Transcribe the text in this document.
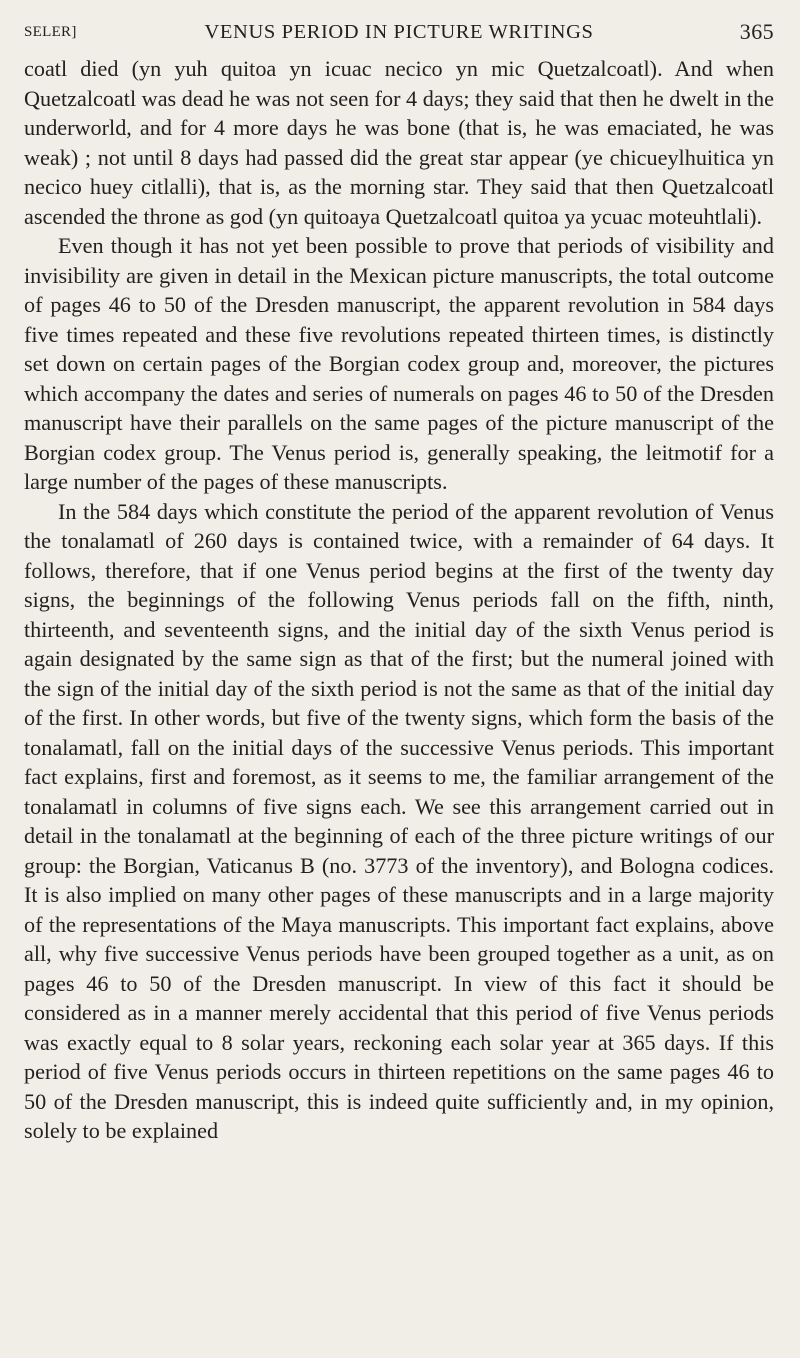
SELER]	VENUS PERIOD IN PICTURE WRITINGS	365

coatl died (yn yuh quitoa yn icuac necico yn mic Quetzalcoatl). And when Quetzalcoatl was dead he was not seen for 4 days; they said that then he dwelt in the underworld, and for 4 more days he was bone (that is, he was emaciated, he was weak) ; not until 8 days had passed did the great star appear (ye chicueylhuitica yn necico huey citlalli), that is, as the morning star. They said that then Quetzalcoatl ascended the throne as god (yn quitoaya Quetzalcoatl quitoa ya ycuac moteuhtlali).

Even though it has not yet been possible to prove that periods of visibility and invisibility are given in detail in the Mexican picture manuscripts, the total outcome of pages 46 to 50 of the Dresden manuscript, the apparent revolution in 584 days five times repeated and these five revolutions repeated thirteen times, is distinctly set down on certain pages of the Borgian codex group and, moreover, the pictures which accompany the dates and series of numerals on pages 46 to 50 of the Dresden manuscript have their parallels on the same pages of the picture manuscript of the Borgian codex group. The Venus period is, generally speaking, the leitmotif for a large number of the pages of these manuscripts.

In the 584 days which constitute the period of the apparent revolution of Venus the tonalamatl of 260 days is contained twice, with a remainder of 64 days. It follows, therefore, that if one Venus period begins at the first of the twenty day signs, the beginnings of the following Venus periods fall on the fifth, ninth, thirteenth, and seventeenth signs, and the initial day of the sixth Venus period is again designated by the same sign as that of the first; but the numeral joined with the sign of the initial day of the sixth period is not the same as that of the initial day of the first. In other words, but five of the twenty signs, which form the basis of the tonalamatl, fall on the initial days of the successive Venus periods. This important fact explains, first and foremost, as it seems to me, the familiar arrangement of the tonalamatl in columns of five signs each. We see this arrangement carried out in detail in the tonalamatl at the beginning of each of the three picture writings of our group: the Borgian, Vaticanus B (no. 3773 of the inventory), and Bologna codices. It is also implied on many other pages of these manuscripts and in a large majority of the representations of the Maya manuscripts. This important fact explains, above all, why five successive Venus periods have been grouped together as a unit, as on pages 46 to 50 of the Dresden manuscript. In view of this fact it should be considered as in a manner merely accidental that this period of five Venus periods was exactly equal to 8 solar years, reckoning each solar year at 365 days. If this period of five Venus periods occurs in thirteen repetitions on the same pages 46 to 50 of the Dresden manuscript, this is indeed quite sufficiently and, in my opinion, solely to be explained
